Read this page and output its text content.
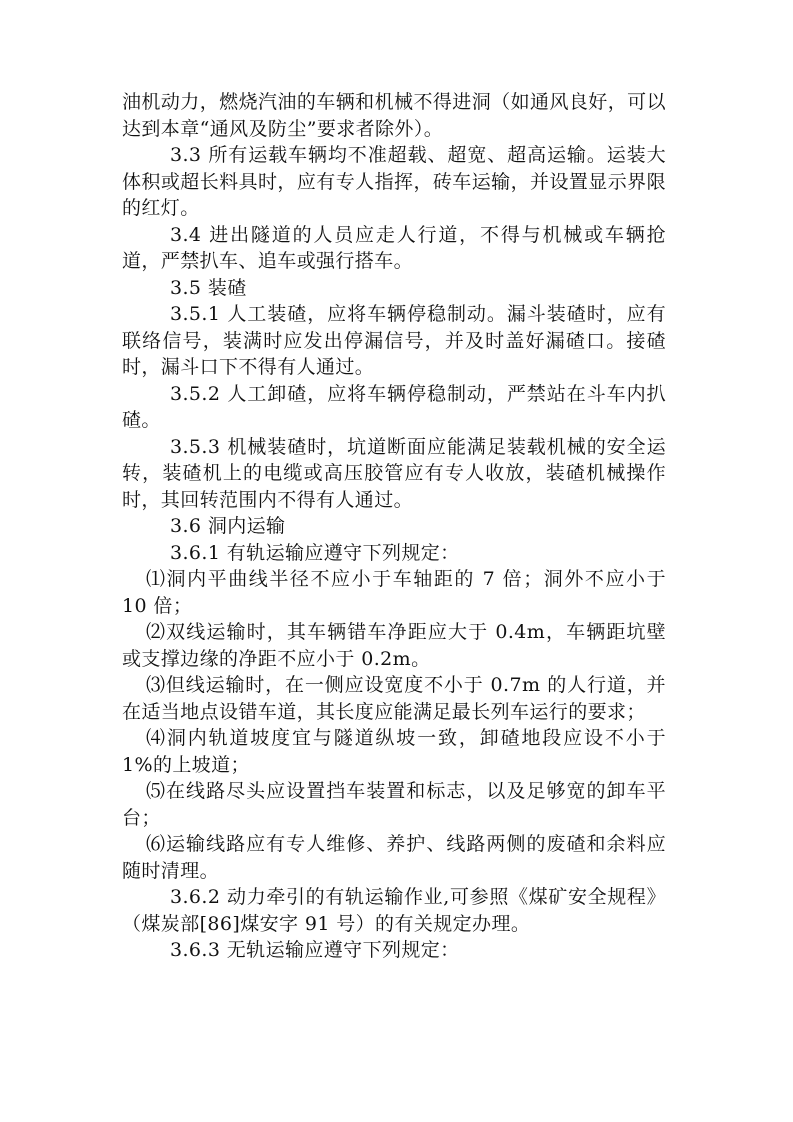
油机动力，燃烧汽油的车辆和机械不得进洞（如通风良好，可以达到本章“通风及防尘”要求者除外）。

3.3 所有运载车辆均不准超载、超宽、超高运输。运装大体积或超长料具时，应有专人指挥，砖车运输，并设置显示界限的红灯。

3.4 进出隧道的人员应走人行道，不得与机械或车辆抢道，严禁扒车、追车或强行搭车。

3.5 装碴

3.5.1 人工装碴，应将车辆停稳制动。漏斗装碴时，应有联络信号，装满时应发出停漏信号，并及时盖好漏碴口。接碴时，漏斗口下不得有人通过。

3.5.2 人工卸碴，应将车辆停稳制动，严禁站在斗车内扒碴。

3.5.3 机械装碴时，坑道断面应能满足装载机械的安全运转，装碴机上的电缆或高压胶管应有专人收放，装碴机械操作时，其回转范围内不得有人通过。

3.6 洞内运输

3.6.1 有轨运输应遵守下列规定：

⑴洞内平曲线半径不应小于车轴距的 7 倍；洞外不应小于 10 倍；

⑵双线运输时，其车辆错车净距应大于 0.4m，车辆距坑壁或支撑边缘的净距不应小于 0.2m。

⑶但线运输时，在一侧应设宽度不小于 0.7m 的人行道，并在适当地点设错车道，其长度应能满足最长列车运行的要求；

⑷洞内轨道坡度宜与隧道纵坡一致，卸碴地段应设不小于 1%的上坡道；

⑸在线路尽头应设置挡车装置和标志，以及足够宽的卸车平台；

⑹运输线路应有专人维修、养护、线路两侧的废碴和余料应随时清理。

3.6.2 动力牵引的有轨运输作业,可参照《煤矿安全规程》（煤炭部[86]煤安字 91 号）的有关规定办理。

3.6.3 无轨运输应遵守下列规定：
